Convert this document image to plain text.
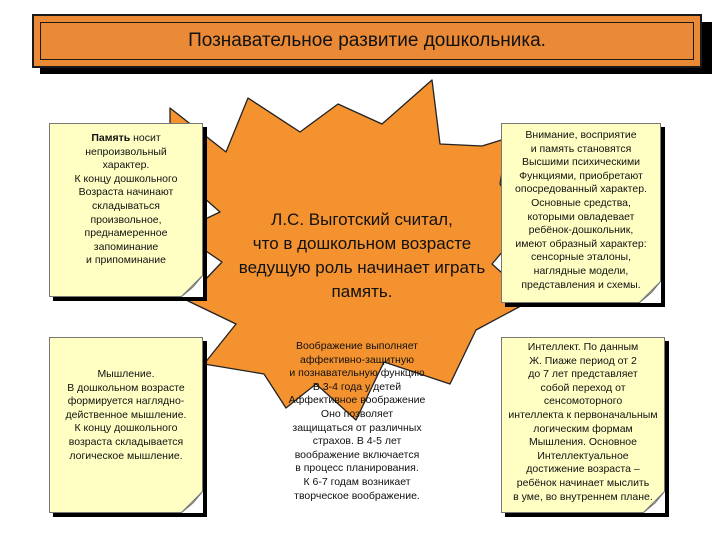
Познавательное развитие дошкольника.
Память носит
непроизвольный
характер.
К концу дошкольного
Возраста начинают
складываться
произвольное,
преднамеренное
запоминание
и припоминание
Внимание, восприятие
и память становятся
Высшими психическими
Функциями, приобретают
опосредованный характер.
Основные средства,
которыми овладевает
ребёнок-дошкольник,
имеют образный характер:
сенсорные эталоны,
наглядные модели,
представления и схемы.
Л.С. Выготский считал,
что в дошкольном возрасте
ведущую роль начинает играть
память.
Мышление.
В дошкольном возрасте
формируется наглядно-
действенное мышление.
К концу дошкольного
возраста складывается
логическое мышление.
Воображение выполняет
аффективно-защитную
и познавательную функцию
В 3-4 года у детей
Аффективное воображение
Оно позволяет
защищаться от различных
страхов. В 4-5 лет
воображение включается
в процесс планирования.
К 6-7 годам возникает
творческое воображение.
Интеллект. По данным
Ж. Пиаже период от 2
до 7 лет представляет
собой переход от
сенсомоторного
интеллекта к первоначальным
логическим формам
Мышления. Основное
Интеллектуальное
достижение возраста –
ребёнок начинает мыслить
в уме, во внутреннем плане.
